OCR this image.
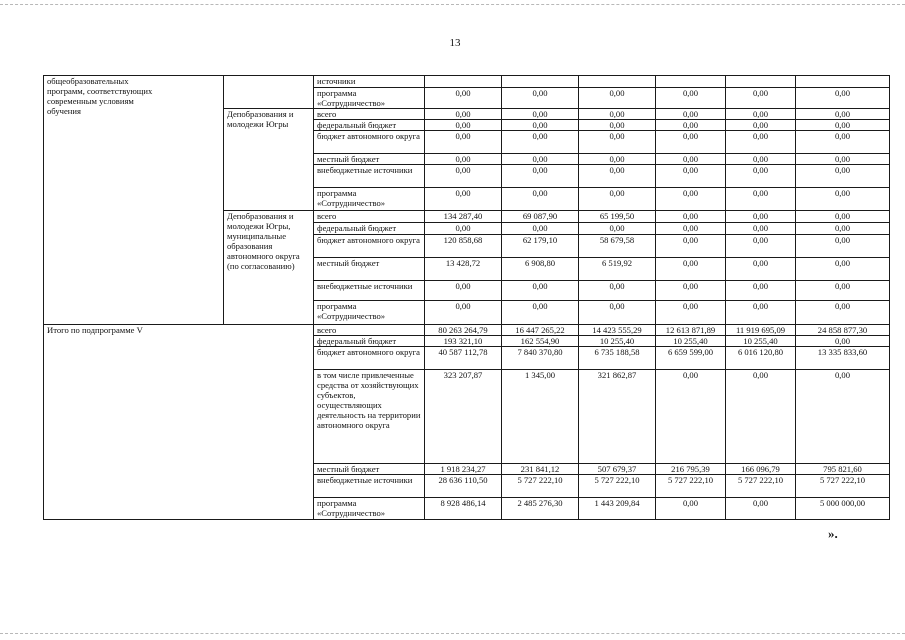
13
общеобразовательных
программ, соответствующих
современным условиям
обучения		источники						
		программа «Сотрудничество»	0,00	0,00	0,00	0,00	0,00	0,00
	Депобразования и молодежи Югры	всего	0,00	0,00	0,00	0,00	0,00	0,00
		федеральный бюджет	0,00	0,00	0,00	0,00	0,00	0,00
		бюджет автономного округа	0,00	0,00	0,00	0,00	0,00	0,00
		местный бюджет	0,00	0,00	0,00	0,00	0,00	0,00
		внебюджетные источники	0,00	0,00	0,00	0,00	0,00	0,00
		программа «Сотрудничество»	0,00	0,00	0,00	0,00	0,00	0,00
	Депобразования и молодежи Югры, муниципальные образования автономного округа (по согласованию)	всего	134 287,40	69 087,90	65 199,50	0,00	0,00	0,00
		федеральный бюджет	0,00	0,00	0,00	0,00	0,00	0,00
		бюджет автономного округа	120 858,68	62 179,10	58 679,58	0,00	0,00	0,00
		местный бюджет	13 428,72	6 908,80	6 519,92	0,00	0,00	0,00
		внебюджетные источники	0,00	0,00	0,00	0,00	0,00	0,00
		программа «Сотрудничество»	0,00	0,00	0,00	0,00	0,00	0,00
Итого по подпрограмме V		всего	80 263 264,79	16 447 265,22	14 423 555,29	12 613 871,89	11 919 695,09	24 858 877,30
		федеральный бюджет	193 321,10	162 554,90	10 255,40	10 255,40	10 255,40	0,00
		бюджет автономного округа	40 587 112,78	7 840 370,80	6 735 188,58	6 659 599,00	6 016 120,80	13 335 833,60
		в том числе привлеченные средства от хозяйствующих субъектов, осуществляющих деятельность на территории автономного округа	323 207,87	1 345,00	321 862,87	0,00	0,00	0,00
		местный бюджет	1 918 234,27	231 841,12	507 679,37	216 795,39	166 096,79	795 821,60
		внебюджетные источники	28 636 110,50	5 727 222,10	5 727 222,10	5 727 222,10	5 727 222,10	5 727 222,10
		программа «Сотрудничество»	8 928 486,14	2 485 276,30	1 443 209,84	0,00	0,00	5 000 000,00
».
